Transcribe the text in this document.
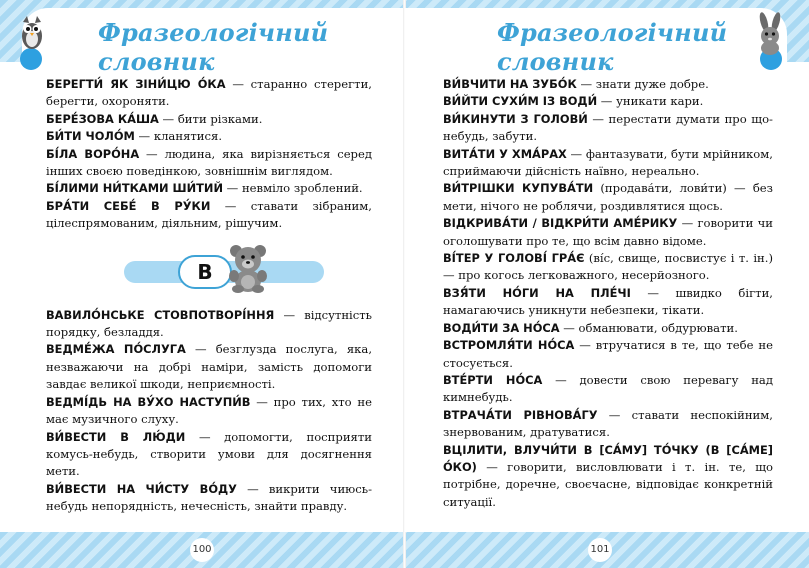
Фразеологічний словник

БЕРЕГТИ́ ЯК ЗІНИ́ЦЮ О́КА — старанно стерегти, берегти, охороняти.

БЕРЕ́ЗОВА КА́ША — бити різками.

БИ́ТИ ЧОЛО́М — кланятися.

БІ́ЛА ВОРО́НА — людина, яка вирізняється серед інших своєю поведінкою, зовнішнім виглядом.

БІ́ЛИМИ НИ́ТКАМИ ШИ́ТИЙ — невміло зроблений.

БРА́ТИ СЕБЕ́ В РУ́КИ — ставати зібраним, цілеспрямованим, діяльним, рішучим.

В

ВАВИЛО́НСЬКЕ СТОВПОТВОРІ́ННЯ — відсутність порядку, безладдя.

ВЕДМЕ́ЖА ПО́СЛУГА — безглузда послуга, яка, незважаючи на добрі наміри, замість допомоги завдає великої шкоди, неприємності.

ВЕДМІ́ДЬ НА ВУ́ХО НАСТУПИ́В — про тих, хто не має музичного слуху.

ВИ́ВЕСТИ В ЛЮ́ДИ — допомогти, посприяти комусь-небудь, створити умови для досягнення мети.

ВИ́ВЕСТИ НА ЧИ́СТУ ВО́ДУ — викрити чиюсь-небудь непорядність, нечесність, знайти правду.

100
Фразеологічний словник

ВИ́ВЧИТИ НА ЗУБО́К — знати дуже добре.

ВИ́ЙТИ СУХИ́М ІЗ ВОДИ́ — уникати кари.

ВИ́КИНУТИ З ГОЛОВИ́ — перестати думати про що-небудь, забути.

ВИТА́ТИ У ХМА́РАХ — фантазувати, бути мрійником, сприймаючи дійсність наївно, нереально.

ВИ́ТРІШКИ КУПУВА́ТИ (продава́ти, лови́ти) — без мети, нічого не роблячи, роздивлятися щось.

ВІДКРИВА́ТИ / ВІДКРИ́ТИ АМЕ́РИКУ — говорити чи оголошувати про те, що всім давно відоме.

ВІ́ТЕР У ГОЛОВІ́ ГРА́Є (ві́с, свище, посвистує і т. ін.) — про когось легковажного, несерйозного.

ВЗЯ́ТИ НО́ГИ НА ПЛЕ́ЧІ — швидко бігти, намагаючись уникнути небезпеки, тікати.

ВОДИ́ТИ ЗА НО́СА — обманювати, обдурювати.

ВСТРОМЛЯ́ТИ НО́СА — втручатися в те, що тебе не стосується.

ВТЕ́РТИ НО́СА — довести свою перевагу над кимнебудь.

ВТРАЧА́ТИ РІВНОВА́ГУ — ставати неспокійним, знервованим, дратуватися.

ВЦІЛИТИ, ВЛУЧИ́ТИ В [СА́МУ] ТО́ЧКУ (В [СА́МЕ] О́КО) — говорити, висловлювати і т. ін. те, що потрібне, доречне, своєчасне, відповідає конкретній ситуації.

101
